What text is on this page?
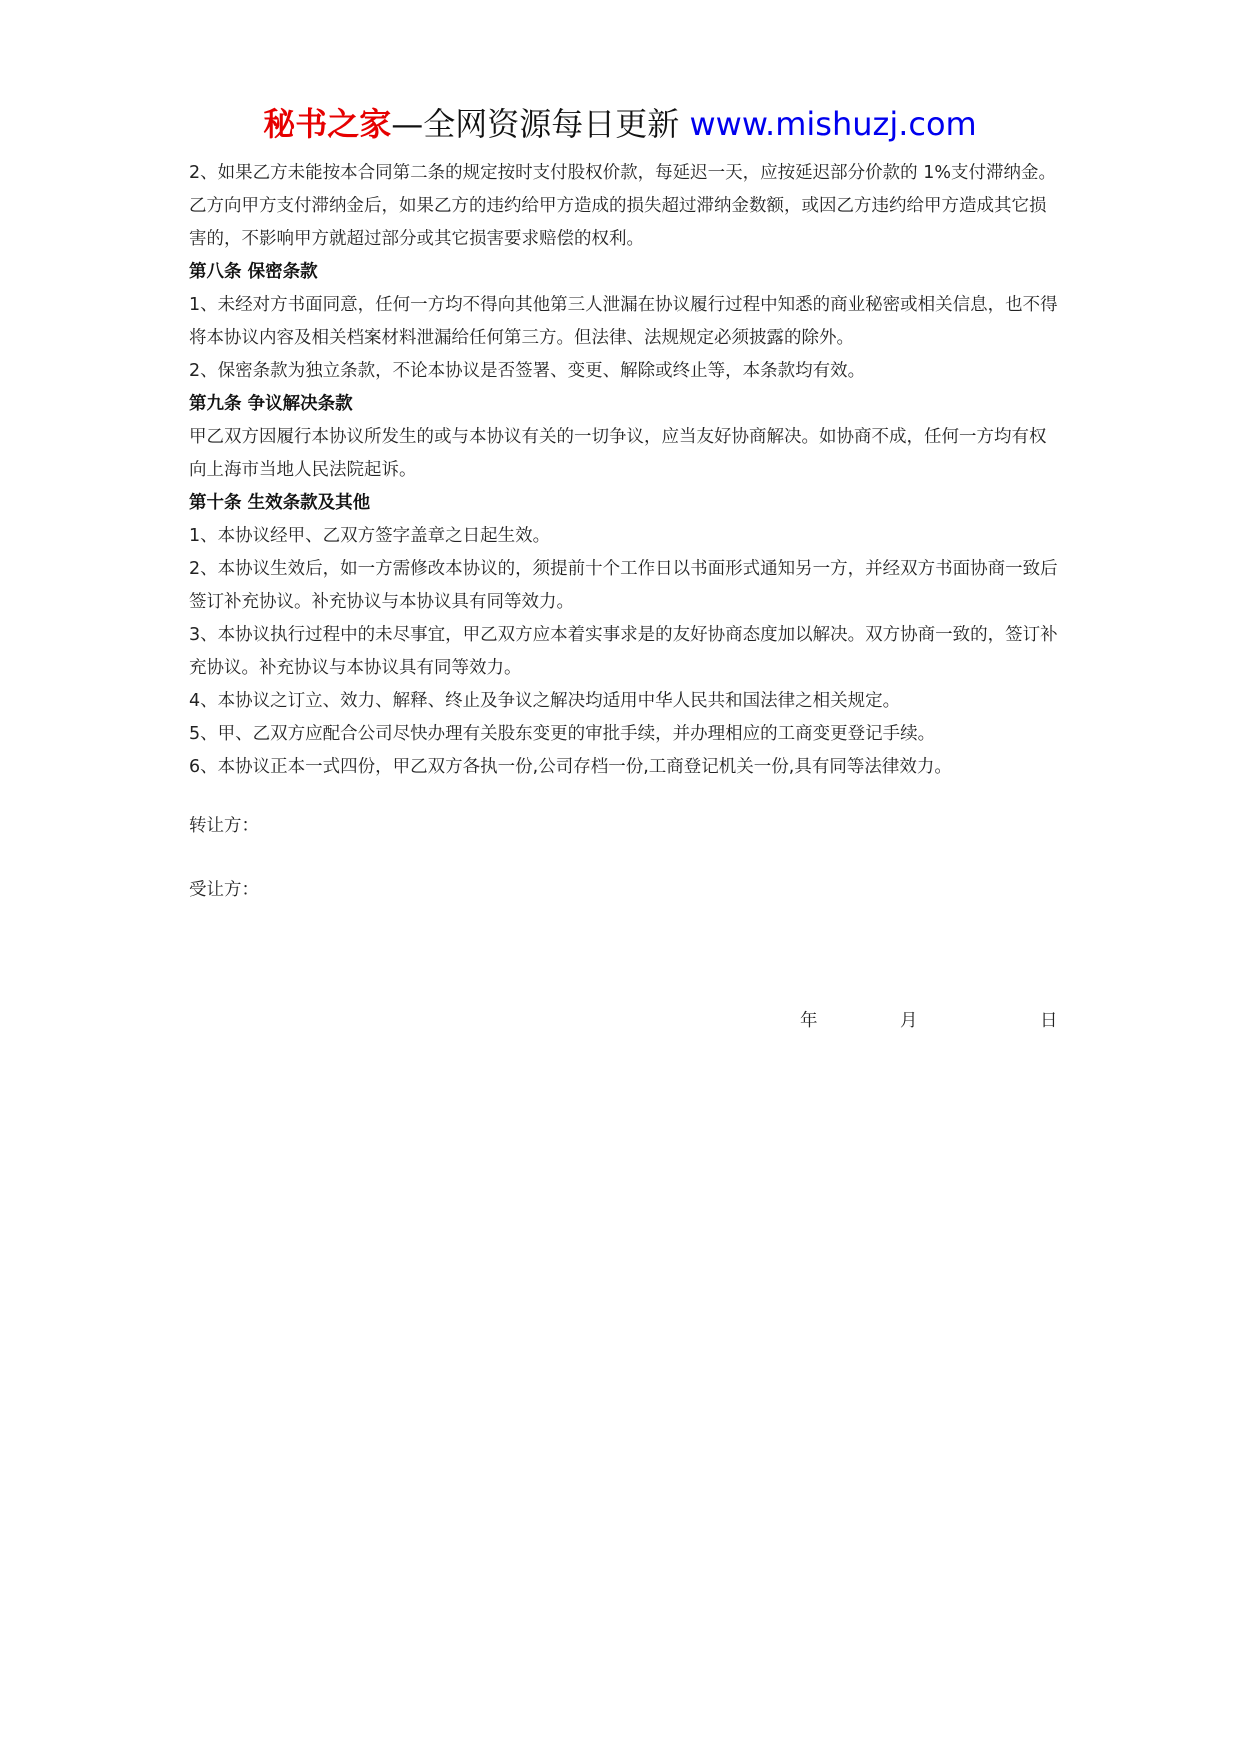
秘书之家—全网资源每日更新 www.mishuzj.com

2、如果乙方未能按本合同第二条的规定按时支付股权价款，每延迟一天，应按延迟部分价款的 1%支付滞纳金。乙方向甲方支付滞纳金后，如果乙方的违约给甲方造成的损失超过滞纳金数额，或因乙方违约给甲方造成其它损害的，不影响甲方就超过部分或其它损害要求赔偿的权利。

第八条 保密条款

1、未经对方书面同意，任何一方均不得向其他第三人泄漏在协议履行过程中知悉的商业秘密或相关信息，也不得将本协议内容及相关档案材料泄漏给任何第三方。但法律、法规规定必须披露的除外。

2、保密条款为独立条款，不论本协议是否签署、变更、解除或终止等，本条款均有效。

第九条 争议解决条款

甲乙双方因履行本协议所发生的或与本协议有关的一切争议，应当友好协商解决。如协商不成，任何一方均有权向上海市当地人民法院起诉。

第十条 生效条款及其他

1、本协议经甲、乙双方签字盖章之日起生效。

2、本协议生效后，如一方需修改本协议的，须提前十个工作日以书面形式通知另一方，并经双方书面协商一致后签订补充协议。补充协议与本协议具有同等效力。

3、本协议执行过程中的未尽事宜，甲乙双方应本着实事求是的友好协商态度加以解决。双方协商一致的，签订补充协议。补充协议与本协议具有同等效力。

4、本协议之订立、效力、解释、终止及争议之解决均适用中华人民共和国法律之相关规定。

5、甲、乙双方应配合公司尽快办理有关股东变更的审批手续，并办理相应的工商变更登记手续。

6、本协议正本一式四份，甲乙双方各执一份,公司存档一份,工商登记机关一份,具有同等法律效力。

转让方：

受让方：

年	月	日
